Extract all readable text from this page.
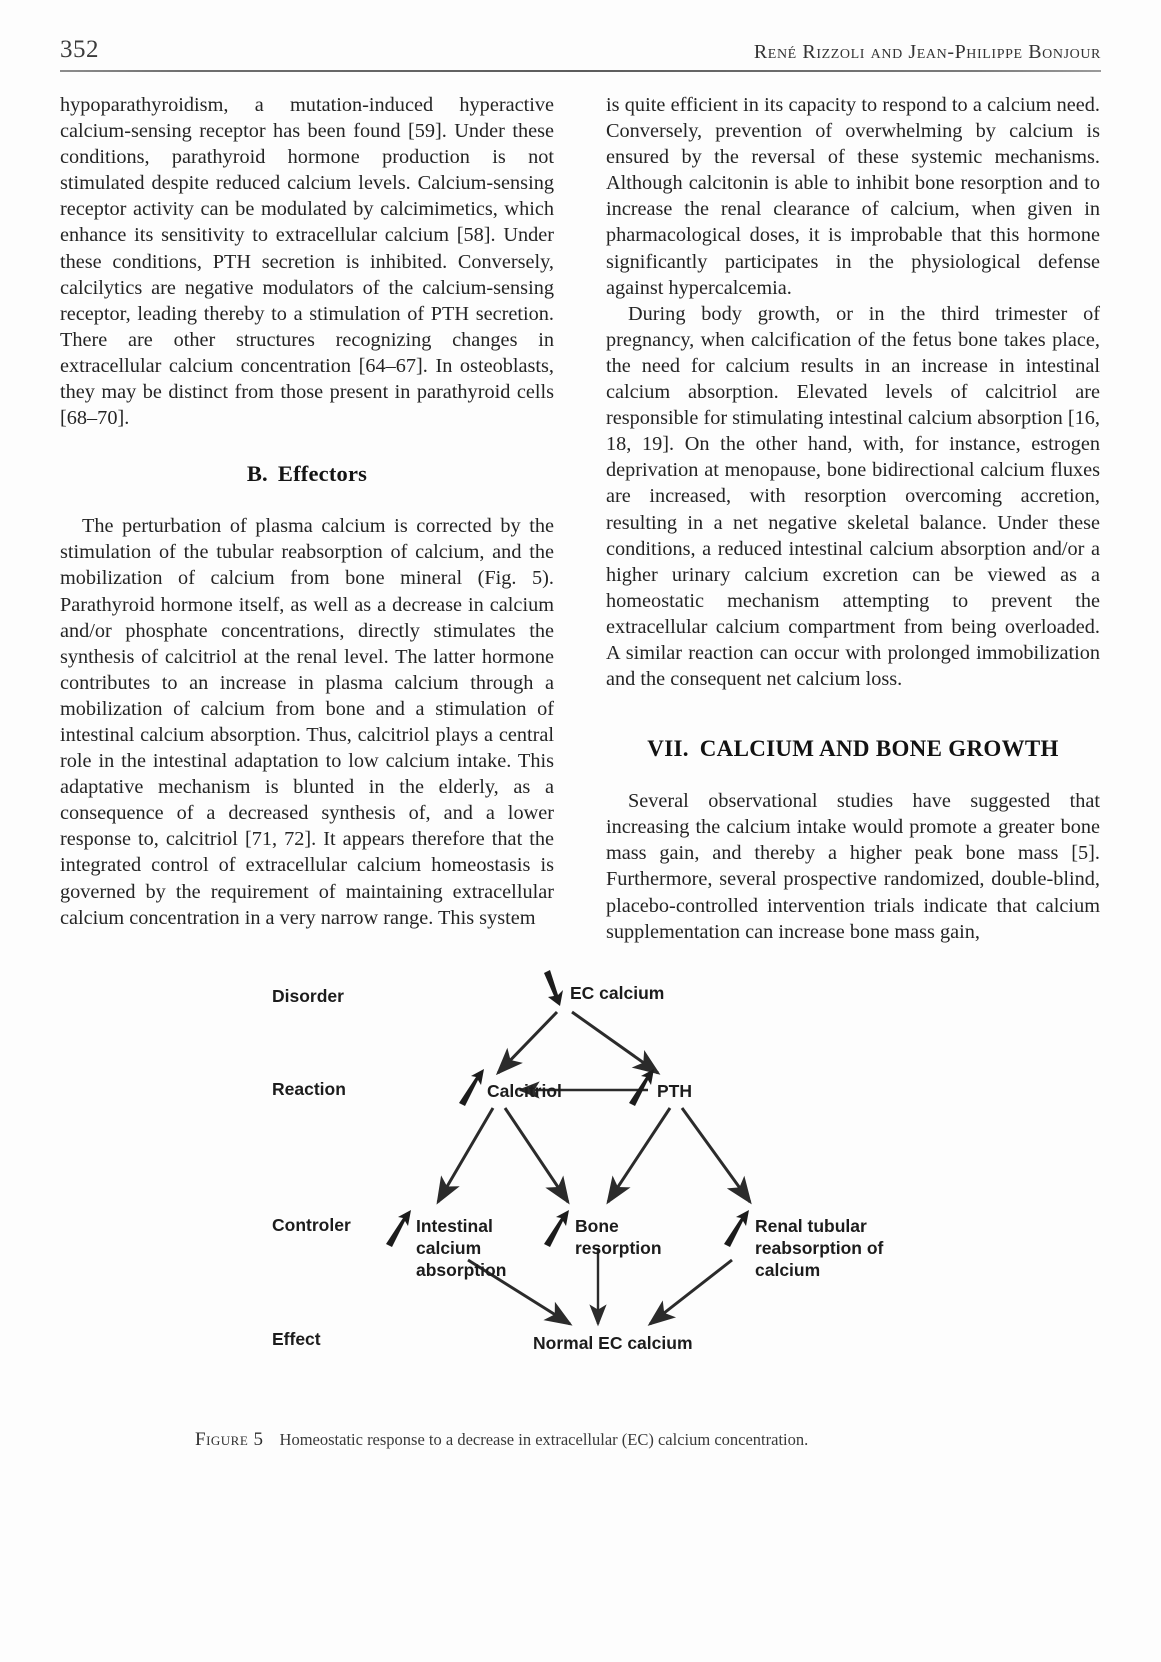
352	René Rizzoli and Jean-Philippe Bonjour

hypoparathyroidism, a mutation-induced hyperactive calcium-sensing receptor has been found [59]. Under these conditions, parathyroid hormone production is not stimulated despite reduced calcium levels. Calcium-sensing receptor activity can be modulated by calcimimetics, which enhance its sensitivity to extracellular calcium [58]. Under these conditions, PTH secretion is inhibited. Conversely, calcilytics are negative modulators of the calcium-sensing receptor, leading thereby to a stimulation of PTH secretion. There are other structures recognizing changes in extracellular calcium concentration [64–67]. In osteoblasts, they may be distinct from those present in parathyroid cells [68–70].

B. Effectors

The perturbation of plasma calcium is corrected by the stimulation of the tubular reabsorption of calcium, and the mobilization of calcium from bone mineral (Fig. 5). Parathyroid hormone itself, as well as a decrease in calcium and/or phosphate concentrations, directly stimulates the synthesis of calcitriol at the renal level. The latter hormone contributes to an increase in plasma calcium through a mobilization of calcium from bone and a stimulation of intestinal calcium absorption. Thus, calcitriol plays a central role in the intestinal adaptation to low calcium intake. This adaptative mechanism is blunted in the elderly, as a consequence of a decreased synthesis of, and a lower response to, calcitriol [71, 72]. It appears therefore that the integrated control of extracellular calcium homeostasis is governed by the requirement of maintaining extracellular calcium concentration in a very narrow range. This system

is quite efficient in its capacity to respond to a calcium need. Conversely, prevention of overwhelming by calcium is ensured by the reversal of these systemic mechanisms. Although calcitonin is able to inhibit bone resorption and to increase the renal clearance of calcium, when given in pharmacological doses, it is improbable that this hormone significantly participates in the physiological defense against hypercalcemia.

During body growth, or in the third trimester of pregnancy, when calcification of the fetus bone takes place, the need for calcium results in an increase in intestinal calcium absorption. Elevated levels of calcitriol are responsible for stimulating intestinal calcium absorption [16, 18, 19]. On the other hand, with, for instance, estrogen deprivation at menopause, bone bidirectional calcium fluxes are increased, with resorption overcoming accretion, resulting in a net negative skeletal balance. Under these conditions, a reduced intestinal calcium absorption and/or a higher urinary calcium excretion can be viewed as a homeostatic mechanism attempting to prevent the extracellular calcium compartment from being overloaded. A similar reaction can occur with prolonged immobilization and the consequent net calcium loss.

VII. CALCIUM AND BONE GROWTH

Several observational studies have suggested that increasing the calcium intake would promote a greater bone mass gain, and thereby a higher peak bone mass [5]. Furthermore, several prospective randomized, double-blind, placebo-controlled intervention trials indicate that calcium supplementation can increase bone mass gain,

Disorder
Reaction
Controler
Effect
EC calcium
Calcitriol	PTH
Intestinal
calcium
absorption
Bone
resorption
Renal tubular
reabsorption of
calcium
Normal EC calcium
Figure 5 Homeostatic response to a decrease in extracellular (EC) calcium concentration.
